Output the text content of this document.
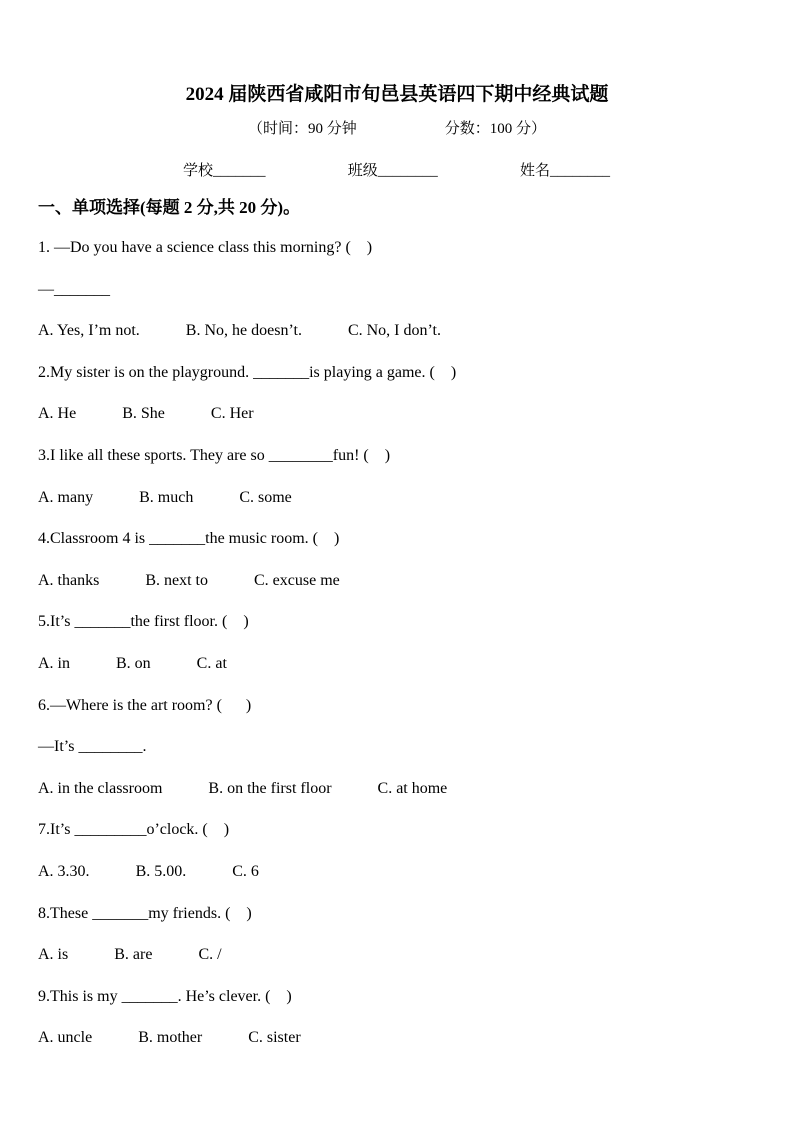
2024 届陕西省咸阳市旬邑县英语四下期中经典试题
（时间：90 分钟	分数：100 分）
学校_______	班级________	姓名________
一、单项选择(每题 2 分,共 20 分)。
1. —Do you have a science class this morning? (    )
—_______
A. Yes, I’m not.	B. No, he doesn’t.	C. No, I don’t.
2.My sister is on the playground. _______is playing a game. (    )
A. He	B. She	C. Her
3.I like all these sports. They are so ________fun! (    )
A. many	B. much	C. some
4.Classroom 4 is _______the music room. (    )
A. thanks	B. next to	C. excuse me
5.It’s _______the first floor. (    )
A. in	B. on	C. at
6.—Where is the art room? (      )
—It’s ________.
A. in the classroom	B. on the first floor	C. at home
7.It’s _________o’clock. (    )
A. 3.30.	B. 5.00.	C. 6
8.These _______my friends. (    )
A. is	B. are	C. /
9.This is my _______. He’s clever. (    )
A. uncle	B. mother	C. sister
